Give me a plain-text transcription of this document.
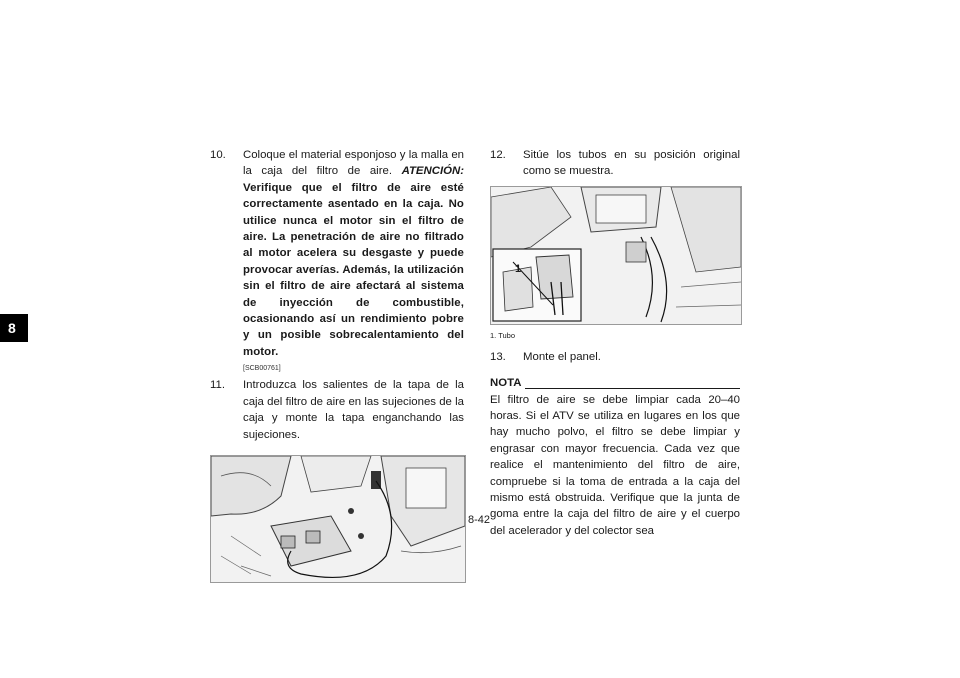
8

10. Coloque el material esponjoso y la malla en la caja del filtro de aire. ATENCIÓN: Verifique que el filtro de aire esté correctamente asentado en la caja. No utilice nunca el motor sin el filtro de aire. La penetración de aire no filtrado al motor acelera su desgaste y puede provocar averías. Además, la utilización sin el filtro de aire afectará al sistema de inyección de combustible, ocasionando así un rendimiento pobre y un posible sobrecalentamiento del motor.

[SCB00761]

11. Introduzca los salientes de la tapa de la caja del filtro de aire en las sujeciones de la caja y monte la tapa enganchando las sujeciones.

12. Sitúe los tubos en su posición original como se muestra.

1
1. Tubo

13. Monte el panel.

NOTA

El filtro de aire se debe limpiar cada 20–40 horas. Si el ATV se utiliza en lugares en los que hay mucho polvo, el filtro se debe limpiar y engrasar con mayor frecuencia. Cada vez que realice el mantenimiento del filtro de aire, compruebe si la toma de entrada a la caja del mismo está obstruida. Verifique que la junta de goma entre la caja del filtro de aire y el cuerpo del acelerador y del colector sea

8-42
